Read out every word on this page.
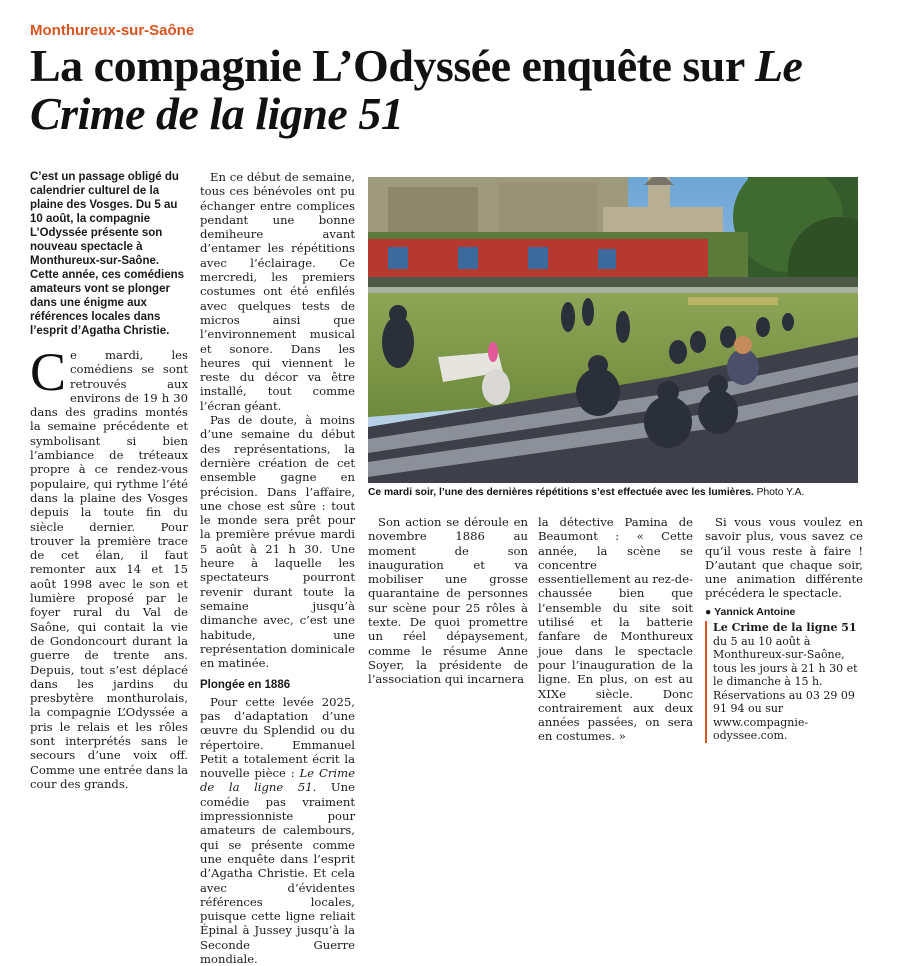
Monthureux-sur-Saône
La compagnie L’Odyssée enquête sur Le Crime de la ligne 51

C’est un passage obligé du calendrier culturel de la plaine des Vosges. Du 5 au 10 août, la compagnie L’Odyssée présente son nouveau spectacle à Monthureux-sur-Saône. Cette année, ces comédiens amateurs vont se plonger dans une énigme aux références locales dans l’esprit d’Agatha Christie.

Ce mardi, les comédiens se sont retrouvés aux environs de 19 h 30 dans des gradins montés la semaine précédente et symbolisant si bien l’ambiance de tréteaux propre à ce rendez-vous populaire, qui rythme l’été dans la plaine des Vosges depuis la toute fin du siècle dernier. Pour trouver la première trace de cet élan, il faut remonter aux 14 et 15 août 1998 avec le son et lumière proposé par le foyer rural du Val de Saône, qui contait la vie de Gondoncourt durant la guerre de trente ans. Depuis, tout s’est déplacé dans les jardins du presbytère monthurolais, la compagnie L’Odyssée a pris le relais et les rôles sont interprétés sans le secours d’une voix off. Comme une entrée dans la cour des grands.

En ce début de semaine, tous ces bénévoles ont pu échanger entre complices pendant une bonne demiheure avant d’entamer les répétitions avec l’éclairage. Ce mercredi, les premiers costumes ont été enfilés avec quelques tests de micros ainsi que l’environnement musical et sonore. Dans les heures qui viennent le reste du décor va être installé, tout comme l’écran géant.

Pas de doute, à moins d’une semaine du début des représentations, la dernière création de cet ensemble gagne en précision. Dans l’affaire, une chose est sûre : tout le monde sera prêt pour la première prévue mardi 5 août à 21 h 30. Une heure à laquelle les spectateurs pourront revenir durant toute la semaine jusqu’à dimanche avec, c’est une habitude, une représentation dominicale en matinée.

Plongée en 1886

Pour cette levée 2025, pas d’adaptation d’une œuvre du Splendid ou du répertoire. Emmanuel Petit a totalement écrit la nouvelle pièce : Le Crime de la ligne 51. Une comédie pas vraiment impressionniste pour amateurs de calembours, qui se présente comme une enquête dans l’esprit d’Agatha Christie. Et cela avec d’évidentes références locales, puisque cette ligne reliait Épinal à Jussey jusqu’à la Seconde Guerre mondiale.

Ce mardi soir, l’une des dernières répétitions s’est effectuée avec les lumières. Photo Y.A.

Son action se déroule en novembre 1886 au moment de son inauguration et va mobiliser une grosse quarantaine de personnes sur scène pour 25 rôles à texte. De quoi promettre un réel dépaysement, comme le résume Anne Soyer, la présidente de l’association qui incarnera

la détective Pamina de Beaumont : « Cette année, la scène se concentre essentiellement au rez-de-chaussée bien que l’ensemble du site soit utilisé et la batterie fanfare de Monthureux joue dans le spectacle pour l’inauguration de la ligne. En plus, on est au XIXe siècle. Donc contrairement aux deux années passées, on sera en costumes. »

Si vous vous voulez en savoir plus, vous savez ce qu’il vous reste à faire ! D’autant que chaque soir, une animation différente précédera le spectacle.

● Yannick Antoine
Le Crime de la ligne 51 du 5 au 10 août à Monthureux-sur-Saône, tous les jours à 21 h 30 et le dimanche à 15 h. Réservations au 03 29 09 91 94 ou sur www.compagnie-odyssee.com.
